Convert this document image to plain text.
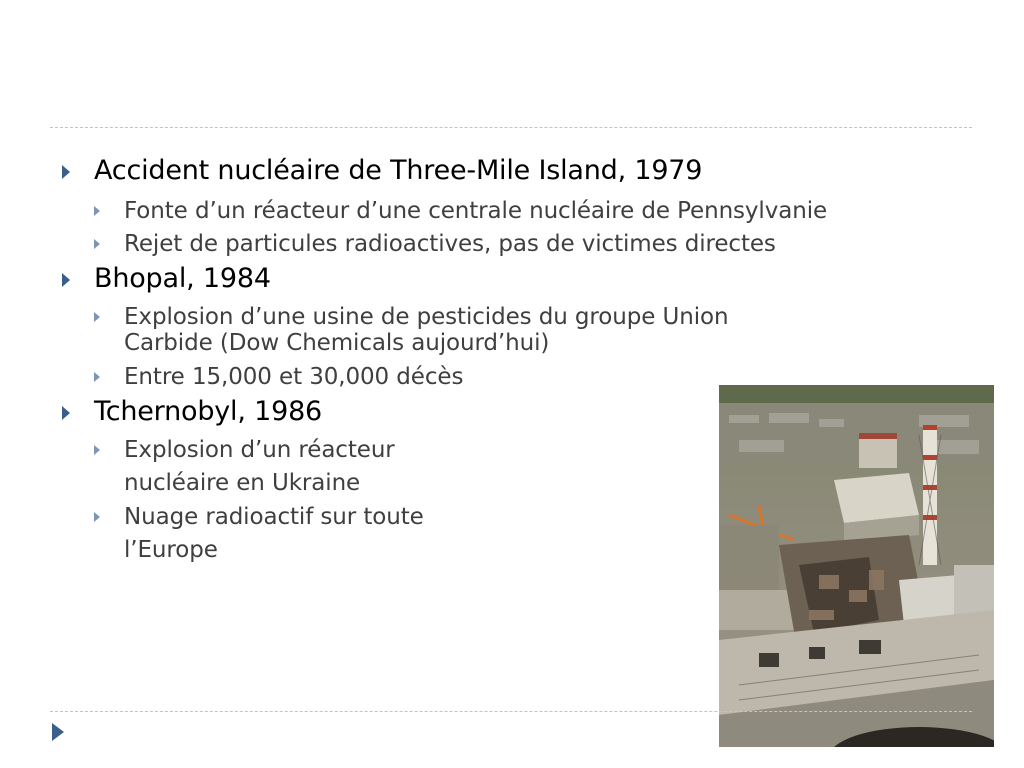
Accident nucléaire de Three-Mile Island, 1979
Fonte d’un réacteur d’une centrale nucléaire de Pennsylvanie
Rejet de particules radioactives, pas de victimes directes
Bhopal, 1984
Explosion d’une usine de pesticides du groupe Union
Carbide (Dow Chemicals aujourd’hui)
Entre 15,000 et 30,000 décès
Tchernobyl, 1986
Explosion d’un réacteur
nucléaire en Ukraine
Nuage radioactif sur toute
l’Europe
